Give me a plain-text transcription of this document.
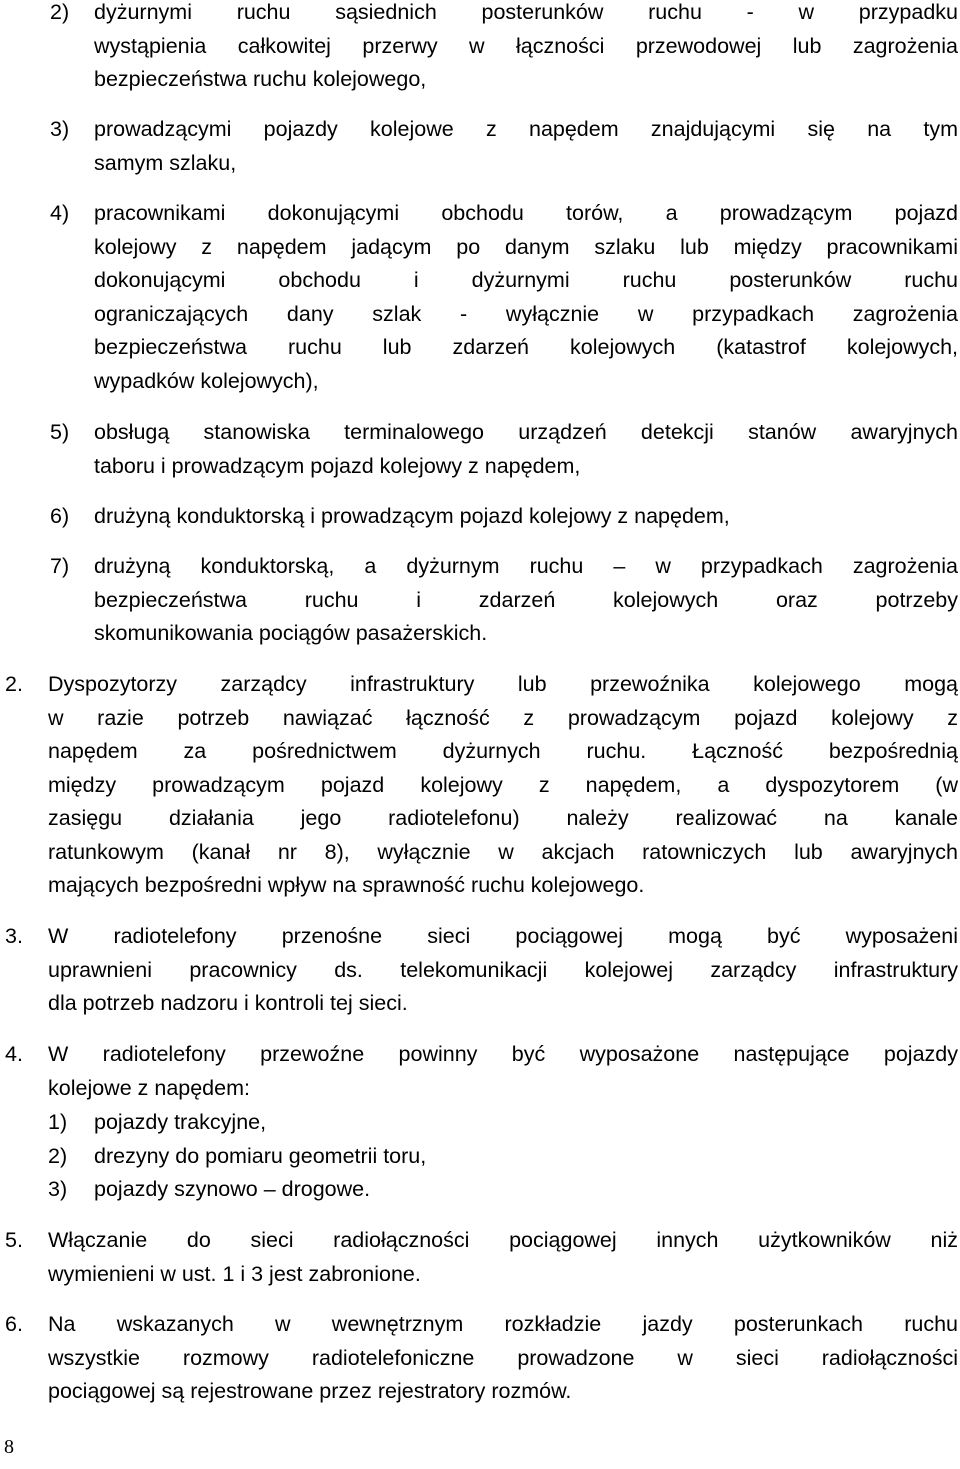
2) dyżurnymi ruchu sąsiednich posterunków ruchu - w przypadku
wystąpienia całkowitej przerwy w łączności przewodowej lub zagrożenia
bezpieczeństwa ruchu kolejowego,
3) prowadzącymi pojazdy kolejowe z napędem znajdującymi się na tym
samym szlaku,
4) pracownikami dokonującymi obchodu torów, a prowadzącym pojazd
kolejowy z napędem jadącym po danym szlaku lub między pracownikami
dokonującymi obchodu i dyżurnymi ruchu posterunków ruchu
ograniczających dany szlak - wyłącznie w przypadkach zagrożenia
bezpieczeństwa ruchu lub zdarzeń kolejowych (katastrof kolejowych,
wypadków kolejowych),
5) obsługą stanowiska terminalowego urządzeń detekcji stanów awaryjnych
taboru i prowadzącym pojazd kolejowy z napędem,
6) drużyną konduktorską i prowadzącym pojazd kolejowy z napędem,
7) drużyną konduktorską, a dyżurnym ruchu – w przypadkach zagrożenia
bezpieczeństwa ruchu i zdarzeń kolejowych oraz potrzeby
skomunikowania pociągów pasażerskich.
2. Dyspozytorzy zarządcy infrastruktury lub przewoźnika kolejowego mogą
w razie potrzeb nawiązać łączność z prowadzącym pojazd kolejowy z
napędem za pośrednictwem dyżurnych ruchu. Łączność bezpośrednią
między prowadzącym pojazd kolejowy z napędem, a dyspozytorem (w
zasięgu działania jego radiotelefonu) należy realizować na kanale
ratunkowym (kanał nr 8), wyłącznie w akcjach ratowniczych lub awaryjnych
mających bezpośredni wpływ na sprawność ruchu kolejowego.
3. W radiotelefony przenośne sieci pociągowej mogą być wyposażeni
uprawnieni pracownicy ds. telekomunikacji kolejowej zarządcy infrastruktury
dla potrzeb nadzoru i kontroli tej sieci.
4. W radiotelefony przewoźne powinny być wyposażone następujące pojazdy
kolejowe z napędem:
1) pojazdy trakcyjne,
2) drezyny do pomiaru geometrii toru,
3) pojazdy szynowo – drogowe.
5. Włączanie do sieci radiołączności pociągowej innych użytkowników niż
wymienieni w ust. 1 i 3 jest zabronione.
6. Na wskazanych w wewnętrznym rozkładzie jazdy posterunkach ruchu
wszystkie rozmowy radiotelefoniczne prowadzone w sieci radiołączności
pociągowej są rejestrowane przez rejestratory rozmów.
8
